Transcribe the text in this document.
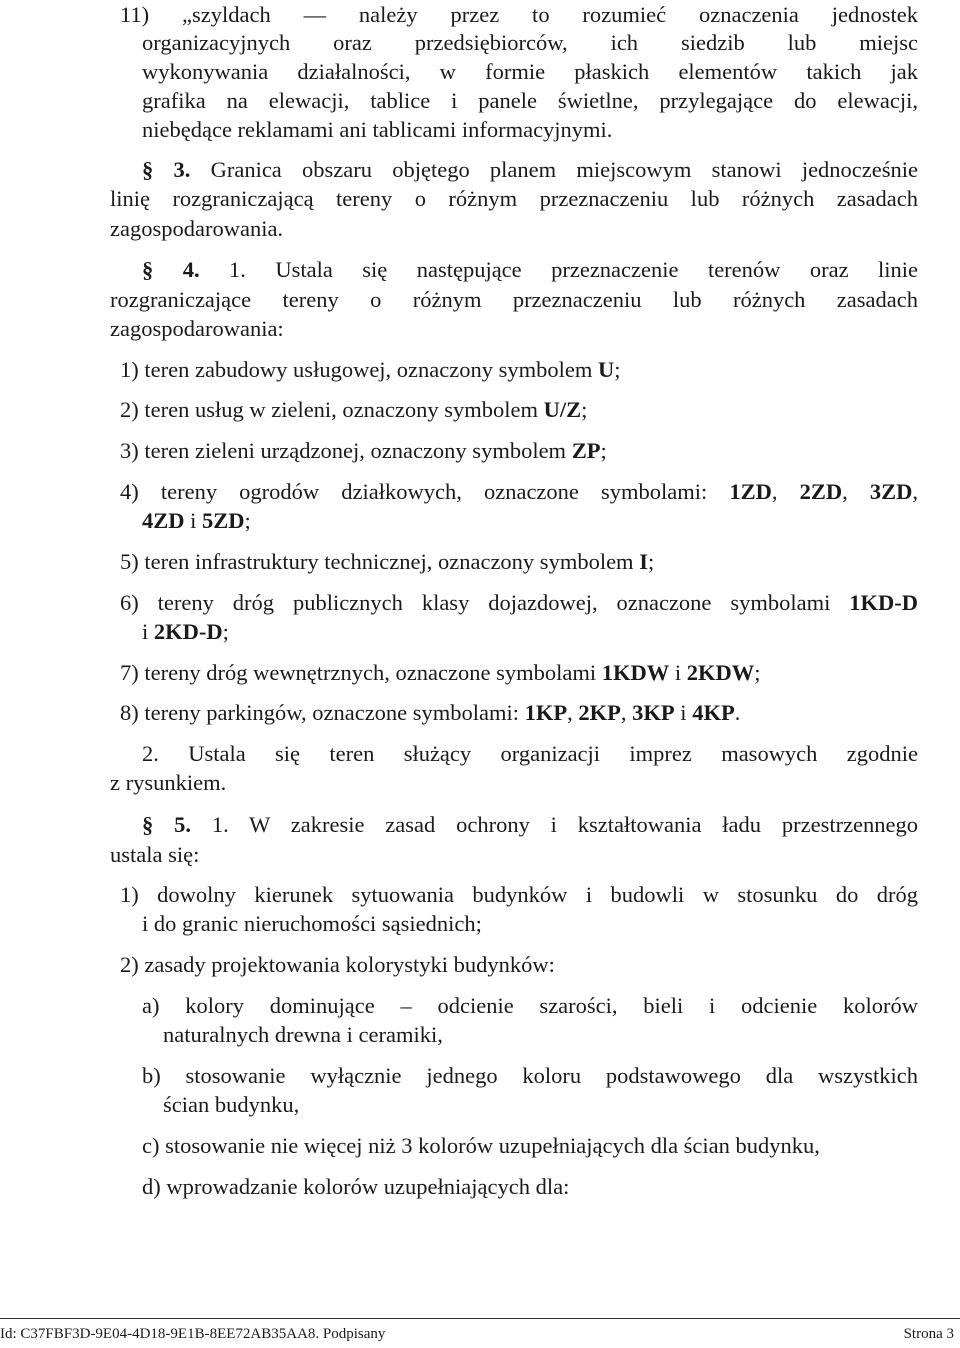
11) „szyldach — należy przez to rozumieć oznaczenia jednostek
organizacyjnych oraz przedsiębiorców, ich siedzib lub miejsc
wykonywania działalności, w formie płaskich elementów takich jak
grafika na elewacji, tablice i panele świetlne, przylegające do elewacji,
niebędące reklamami ani tablicami informacyjnymi.
§ 3. Granica obszaru objętego planem miejscowym stanowi jednocześnie
linię rozgraniczającą tereny o różnym przeznaczeniu lub różnych zasadach
zagospodarowania.
§ 4. 1. Ustala się następujące przeznaczenie terenów oraz linie
rozgraniczające tereny o różnym przeznaczeniu lub różnych zasadach
zagospodarowania:
1) teren zabudowy usługowej, oznaczony symbolem U;
2) teren usług w zieleni, oznaczony symbolem U/Z;
3) teren zieleni urządzonej, oznaczony symbolem ZP;
4) tereny ogrodów działkowych, oznaczone symbolami: 1ZD, 2ZD, 3ZD,
4ZD i 5ZD;
5) teren infrastruktury technicznej, oznaczony symbolem I;
6) tereny dróg publicznych klasy dojazdowej, oznaczone symbolami 1KD-D
i 2KD-D;
7) tereny dróg wewnętrznych, oznaczone symbolami 1KDW i 2KDW;
8) tereny parkingów, oznaczone symbolami: 1KP, 2KP, 3KP i 4KP.
2. Ustala się teren służący organizacji imprez masowych zgodnie
z rysunkiem.
§ 5. 1. W zakresie zasad ochrony i kształtowania ładu przestrzennego
ustala się:
1) dowolny kierunek sytuowania budynków i budowli w stosunku do dróg
i do granic nieruchomości sąsiednich;
2) zasady projektowania kolorystyki budynków:
a) kolory dominujące – odcienie szarości, bieli i odcienie kolorów
naturalnych drewna i ceramiki,
b) stosowanie wyłącznie jednego koloru podstawowego dla wszystkich
ścian budynku,
c) stosowanie nie więcej niż 3 kolorów uzupełniających dla ścian budynku,
d) wprowadzanie kolorów uzupełniających dla:
Id: C37FBF3D-9E04-4D18-9E1B-8EE72AB35AA8. Podpisany	Strona 3
